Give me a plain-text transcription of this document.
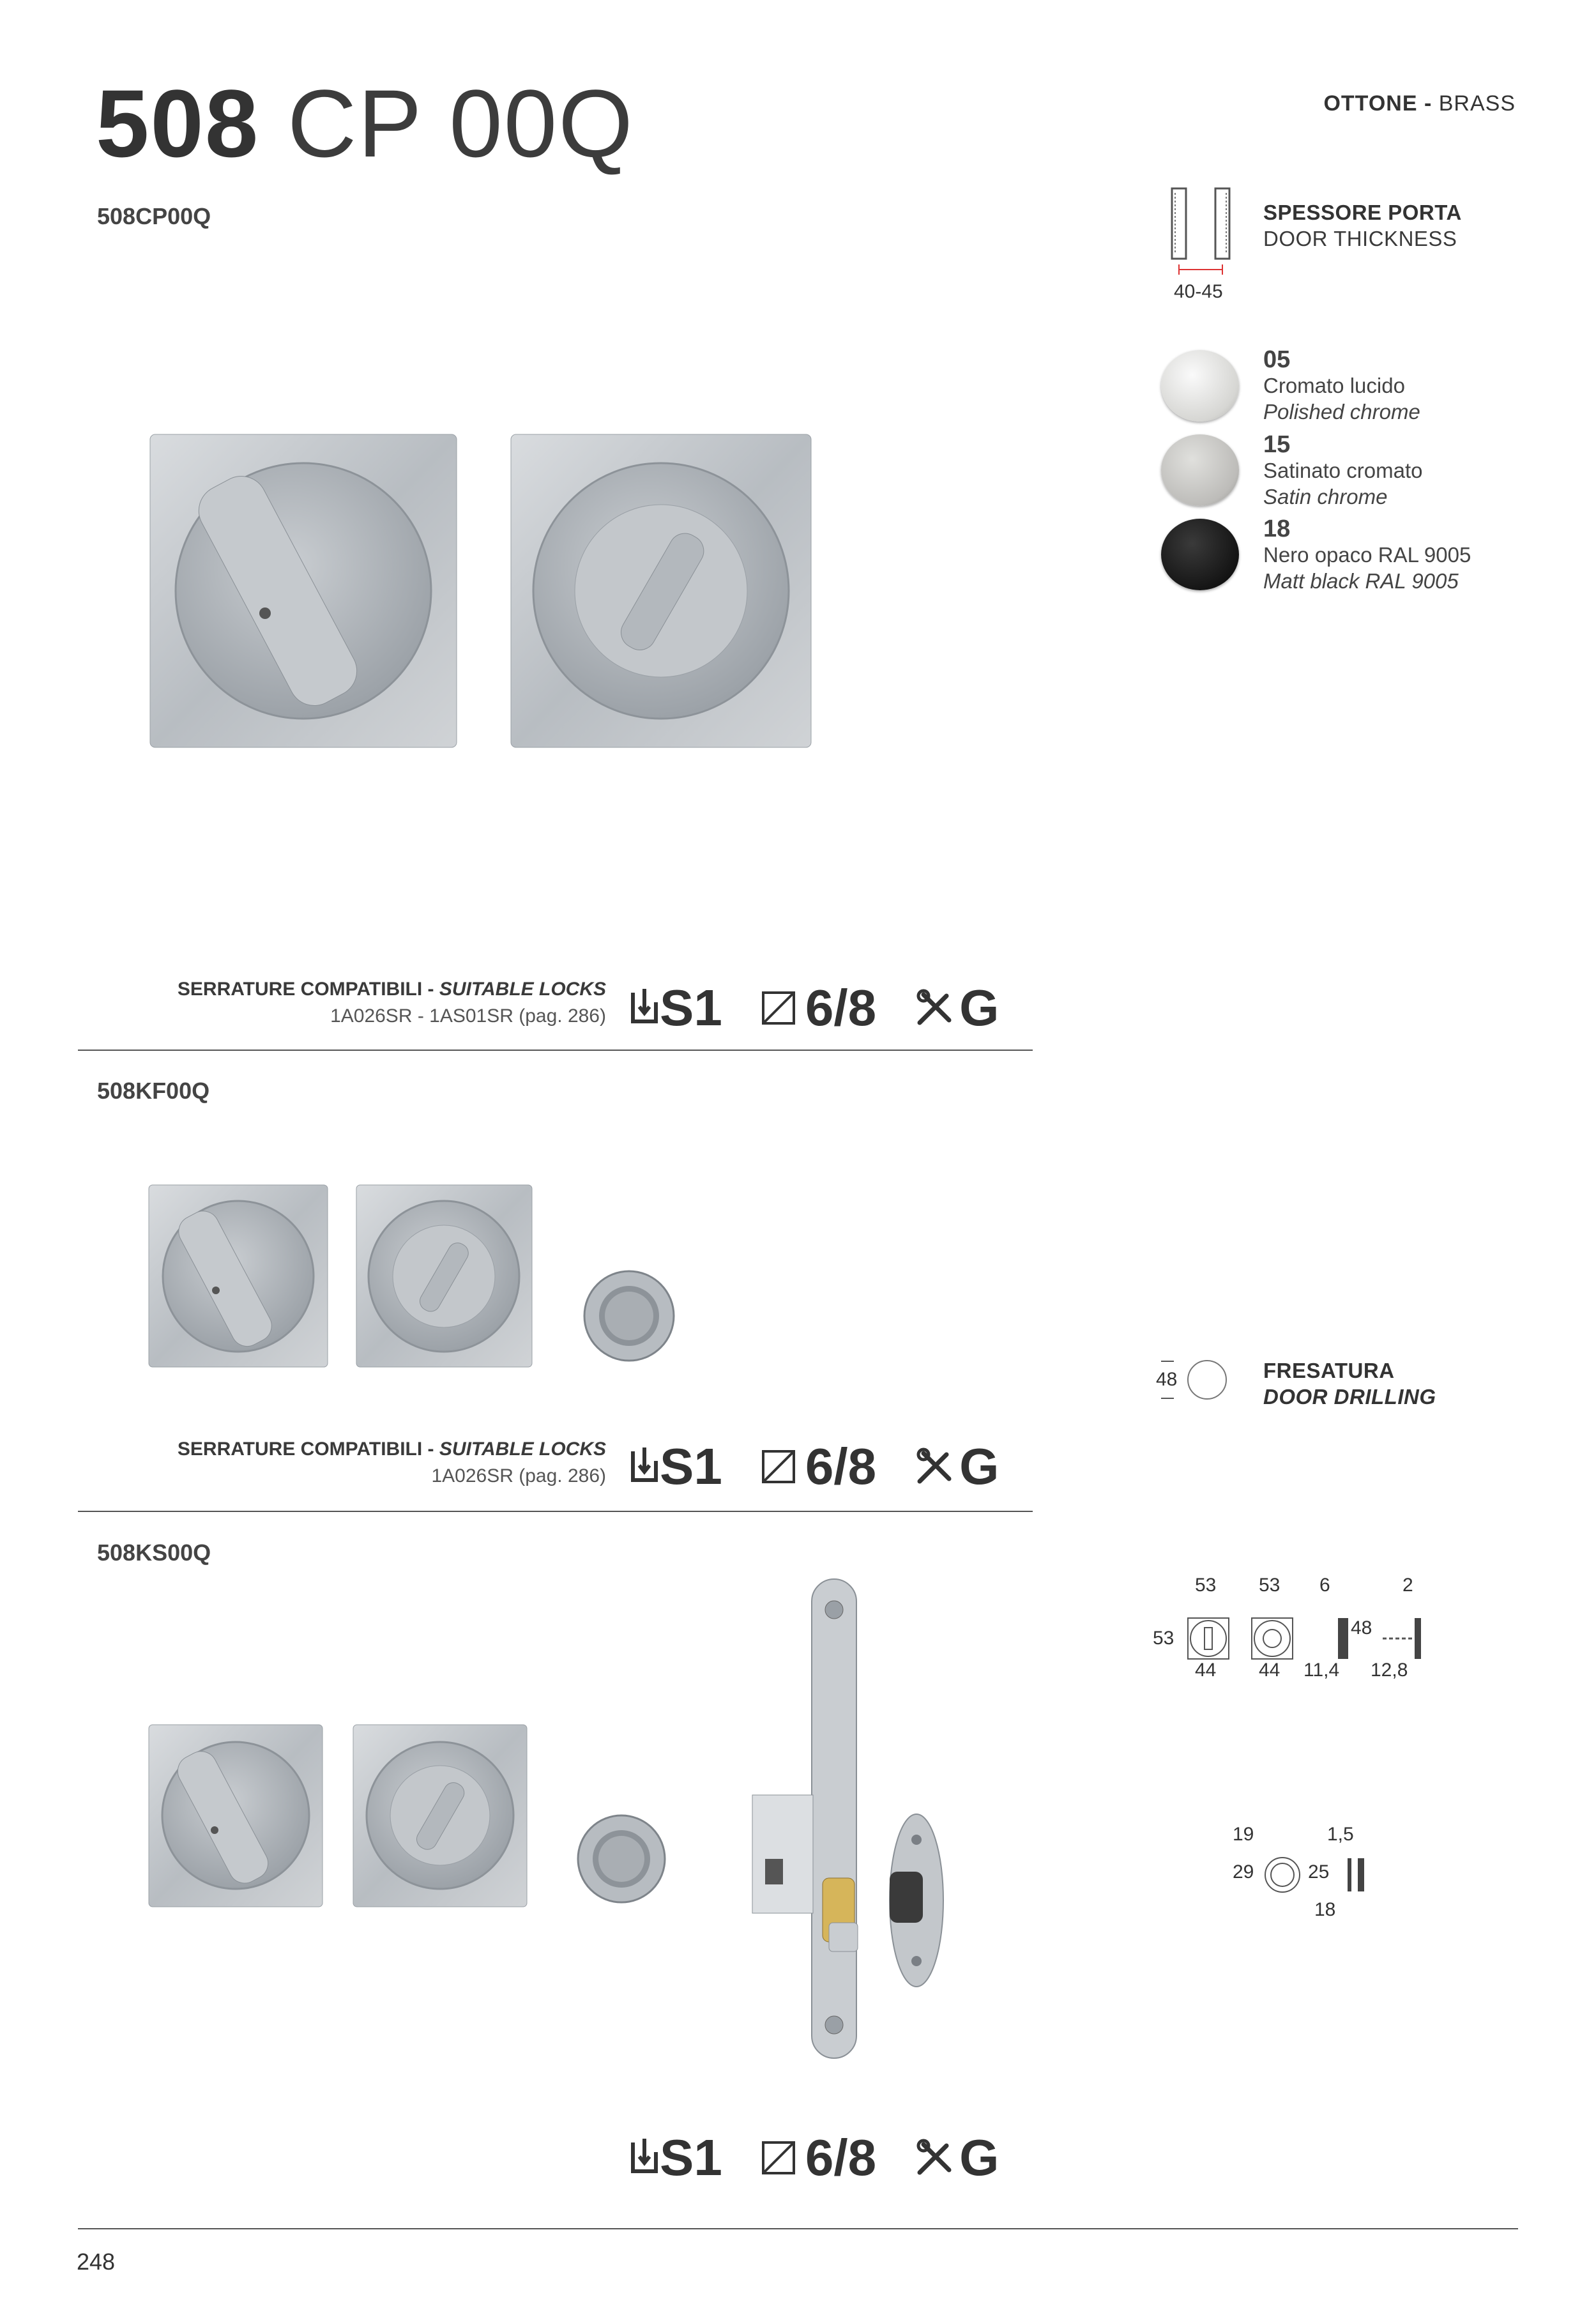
508 CP 00Q	OTTONE - BRASS
508CP00Q
SERRATURE COMPATIBILI - SUITABLE LOCKS
1A026SR - 1AS01SR (pag. 286) S1 6/8 G
508KF00Q
SERRATURE COMPATIBILI - SUITABLE LOCKS
1A026SR (pag. 286) S1 6/8 G
508KS00Q
S1 6/8 G
40-45
SPESSORE PORTA
DOOR THICKNESS
05
Cromato lucido
Polished chrome
15
Satinato cromato
Satin chrome
18
Nero opaco RAL 9005
Matt black RAL 9005
48	FRESATURA
DOOR DRILLING
53 53 6	2
53	48
44 44 11,4 12,8
19	1,5
29	25
18
248
